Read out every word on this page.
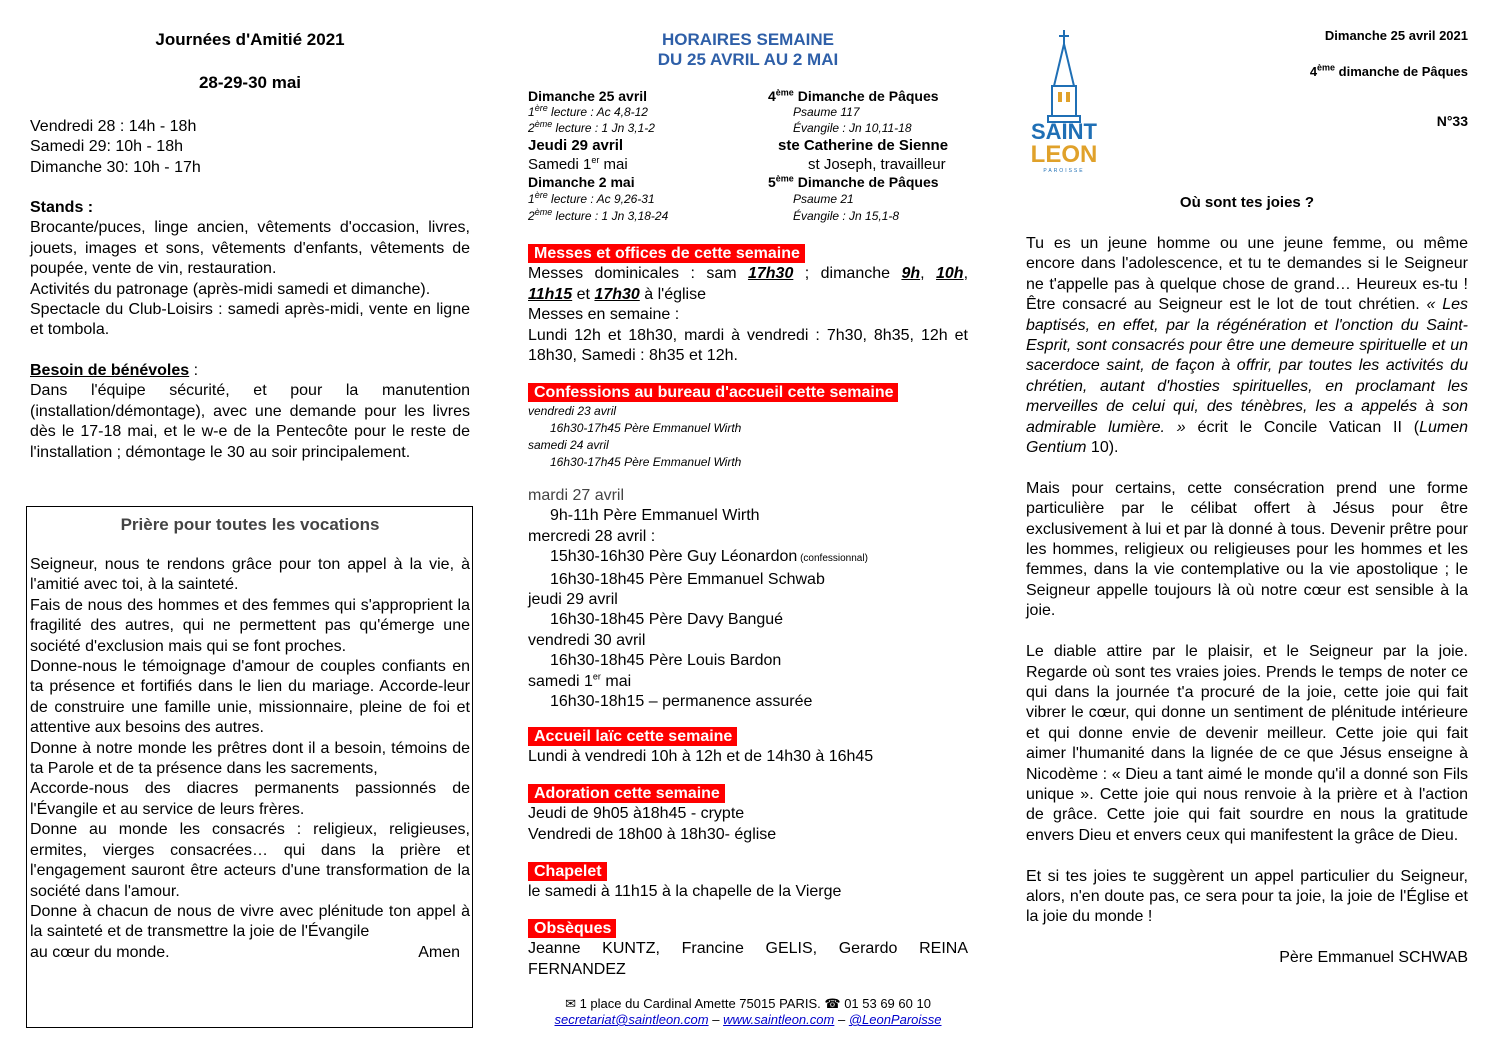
Journées d'Amitié 2021
28-29-30 mai
Vendredi 28 : 14h - 18h
Samedi 29: 10h - 18h
Dimanche 30: 10h - 17h
Stands :
Brocante/puces, linge ancien, vêtements d'occasion, livres, jouets, images et sons, vêtements d'enfants, vêtements de poupée, vente de vin, restauration.
Activités du patronage (après-midi samedi et dimanche).
Spectacle du Club-Loisirs : samedi après-midi, vente en ligne et tombola.
Besoin de bénévoles :
Dans l'équipe sécurité, et pour la manutention (installation/démontage), avec une demande pour les livres dès le 17-18 mai, et le w-e de la Pentecôte pour le reste de l'installation ; démontage le 30 au soir principalement.
Prière pour toutes les vocations
Seigneur, nous te rendons grâce pour ton appel à la vie, à l'amitié avec toi, à la sainteté.
Fais de nous des hommes et des femmes qui s'approprient la fragilité des autres, qui ne permettent pas qu'émerge une société d'exclusion mais qui se font proches.
Donne-nous le témoignage d'amour de couples confiants en ta présence et fortifiés dans le lien du mariage. Accorde-leur de construire une famille unie, missionnaire, pleine de foi et attentive aux besoins des autres.
Donne à notre monde les prêtres dont il a besoin, témoins de ta Parole et de ta présence dans les sacrements,
Accorde-nous des diacres permanents passionnés de l'Évangile et au service de leurs frères.
Donne au monde les consacrés : religieux, religieuses, ermites, vierges consacrées… qui dans la prière et l'engagement sauront être acteurs d'une transformation de la société dans l'amour.
Donne à chacun de nous de vivre avec plénitude ton appel à la sainteté et de transmettre la joie de l'Évangile
au cœur du monde.	Amen
HORAIRES SEMAINE
DU 25 AVRIL AU 2 MAI
Dimanche 25 avril	4ème Dimanche de Pâques
1ère lecture : Ac 4,8-12	Psaume 117
2ème lecture : 1 Jn 3,1-2	Évangile : Jn 10,11-18
Jeudi 29 avril	ste Catherine de Sienne
Samedi 1er mai	st Joseph, travailleur
Dimanche 2 mai	5ème Dimanche de Pâques
1ère lecture : Ac 9,26-31	Psaume 21
2ème lecture : 1 Jn 3,18-24	Évangile : Jn 15,1-8
Messes et offices de cette semaine
Messes dominicales : sam 17h30 ; dimanche 9h, 10h,
11h15 et 17h30 à l'église
Messes en semaine :
Lundi 12h et 18h30, mardi à vendredi : 7h30, 8h35, 12h et 18h30, Samedi : 8h35 et 12h.
Confessions au bureau d'accueil cette semaine
vendredi 23 avril
16h30-17h45 Père Emmanuel Wirth
samedi 24 avril
16h30-17h45 Père Emmanuel Wirth
mardi 27 avril
9h-11h Père Emmanuel Wirth
mercredi 28 avril :
15h30-16h30 Père Guy Léonardon (confessionnal)
16h30-18h45 Père Emmanuel Schwab
jeudi 29 avril
16h30-18h45 Père Davy Bangué
vendredi 30 avril
16h30-18h45 Père Louis Bardon
samedi 1er mai
16h30-18h15 – permanence assurée
Accueil laïc cette semaine
Lundi à vendredi 10h à 12h et de 14h30 à 16h45
Adoration cette semaine
Jeudi de 9h05 à18h45 - crypte
Vendredi de 18h00 à 18h30- église
Chapelet
le samedi à 11h15 à la chapelle de la Vierge
Obsèques
Jeanne KUNTZ, Francine GELIS, Gerardo REINA FERNANDEZ
✉ 1 place du Cardinal Amette 75015 PARIS. ☎ 01 53 69 60 10
secretariat@saintleon.com – www.saintleon.com – @LeonParoisse
SAINT
LEON
PAROISSE
Dimanche 25 avril 2021
4ème dimanche de Pâques
N°33
Où sont tes joies ?
Tu es un jeune homme ou une jeune femme, ou même encore dans l'adolescence, et tu te demandes si le Seigneur ne t'appelle pas à quelque chose de grand… Heureux es-tu ! Être consacré au Seigneur est le lot de tout chrétien. « Les baptisés, en effet, par la régénération et l'onction du Saint-Esprit, sont consacrés pour être une demeure spirituelle et un sacerdoce saint, de façon à offrir, par toutes les activités du chrétien, autant d'hosties spirituelles, en proclamant les merveilles de celui qui, des ténèbres, les a appelés à son admirable lumière. » écrit le Concile Vatican II (Lumen Gentium 10).
Mais pour certains, cette consécration prend une forme particulière par le célibat offert à Jésus pour être exclusivement à lui et par là donné à tous. Devenir prêtre pour les hommes, religieux ou religieuses pour les hommes et les femmes, dans la vie contemplative ou la vie apostolique ; le Seigneur appelle toujours là où notre cœur est sensible à la joie.
Le diable attire par le plaisir, et le Seigneur par la joie. Regarde où sont tes vraies joies. Prends le temps de noter ce qui dans la journée t'a procuré de la joie, cette joie qui fait vibrer le cœur, qui donne un sentiment de plénitude intérieure et qui donne envie de devenir meilleur. Cette joie qui fait aimer l'humanité dans la lignée de ce que Jésus enseigne à Nicodème : « Dieu a tant aimé le monde qu'il a donné son Fils unique ». Cette joie qui nous renvoie à la prière et à l'action de grâce. Cette joie qui fait sourdre en nous la gratitude envers Dieu et envers ceux qui manifestent la grâce de Dieu.
Et si tes joies te suggèrent un appel particulier du Seigneur, alors, n'en doute pas, ce sera pour ta joie, la joie de l'Église et la joie du monde !
Père Emmanuel SCHWAB
